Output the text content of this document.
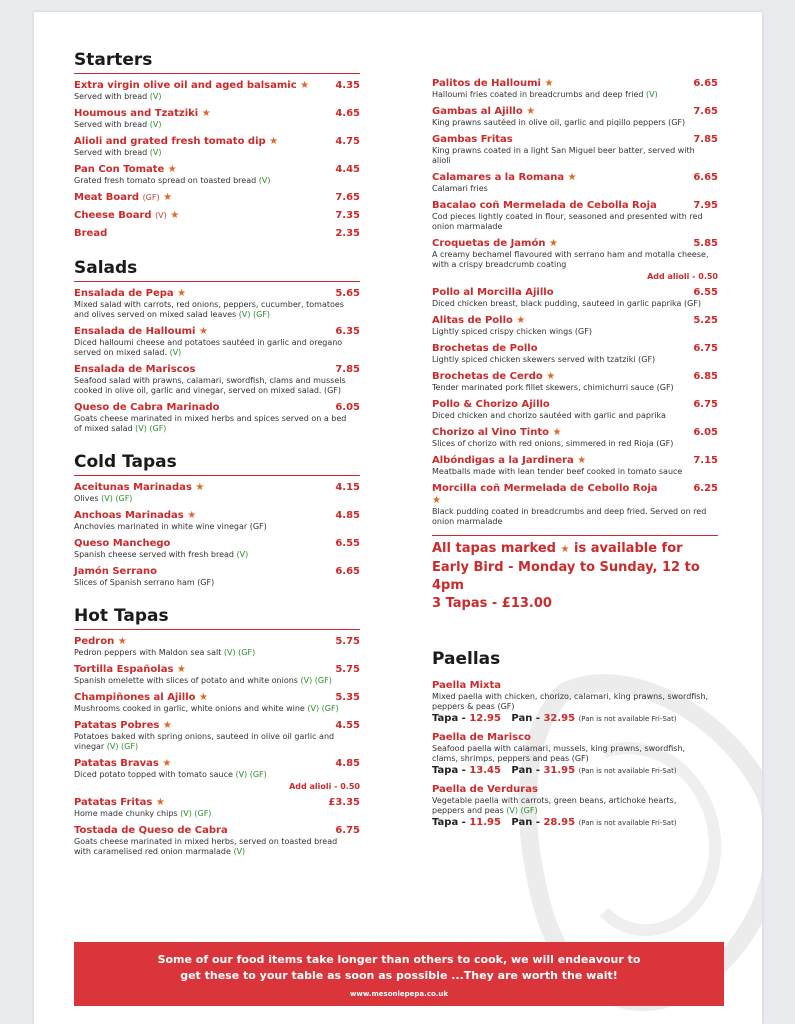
Starters
Extra virgin olive oil and aged balsamic ★	4.35
Served with bread (V)
Houmous and Tzatziki ★	4.65
Served with bread (V)
Alioli and grated fresh tomato dip ★	4.75
Served with bread (V)
Pan Con Tomate ★	4.45
Grated fresh tomato spread on toasted bread (V)
Meat Board (GF) ★	7.65
Cheese Board (V) ★	7.35
Bread	2.35
Salads
Ensalada de Pepa ★	5.65
Mixed salad with carrots, red onions, peppers, cucumber, tomatoes and olives served on mixed salad leaves (V) (GF)
Ensalada de Halloumi ★	6.35
Diced halloumi cheese and potatoes sautéed in garlic and oregano served on mixed salad. (V)
Ensalada de Mariscos	7.85
Seafood salad with prawns, calamari, swordfish, clams and mussels cooked in olive oil, garlic and vinegar, served on mixed salad. (GF)
Queso de Cabra Marinado	6.05
Goats cheese marinated in mixed herbs and spices served on a bed of mixed salad (V) (GF)
Cold Tapas
Aceitunas Marinadas ★	4.15
Olives (V) (GF)
Anchoas Marinadas ★	4.85
Anchovies marinated in white wine vinegar (GF)
Queso Manchego	6.55
Spanish cheese served with fresh bread (V)
Jamón Serrano	6.65
Slices of Spanish serrano ham (GF)
Hot Tapas
Pedron ★	5.75
Pedron peppers with Maldon sea salt (V) (GF)
Tortilla Españolas ★	5.75
Spanish omelette with slices of potato and white onions (V) (GF)
Champiñones al Ajillo ★	5.35
Mushrooms cooked in garlic, white onions and white wine (V) (GF)
Patatas Pobres ★	4.55
Potatoes baked with spring onions, sauteed in olive oil garlic and vinegar (V) (GF)
Patatas Bravas ★	4.85
Diced potato topped with tomato sauce (V) (GF)
Add alioli - 0.50
Patatas Fritas ★	£3.35
Home made chunky chips (V) (GF)
Tostada de Queso de Cabra	6.75
Goats cheese marinated in mixed herbs, served on toasted bread with caramelised red onion marmalade (V)
Palitos de Halloumi ★	6.65
Halloumi fries coated in breadcrumbs and deep fried (V)
Gambas al Ajillo ★	7.65
King prawns sautéed in olive oil, garlic and piqillo peppers (GF)
Gambas Fritas	7.85
King prawns coated in a light San Miguel beer batter, served with alioli
Calamares a la Romana ★	6.65
Calamari fries
Bacalao coñ Mermelada de Cebolla Roja	7.95
Cod pieces lightly coated in flour, seasoned and presented with red onion marmalade
Croquetas de Jamón ★	5.85
A creamy bechamel flavoured with serrano ham and motalla cheese, with a crispy breadcrumb coating
Add alioli - 0.50
Pollo al Morcilla Ajillo	6.55
Diced chicken breast, black pudding, sauteed in garlic paprika (GF)
Alitas de Pollo ★	5.25
Lightly spiced crispy chicken wings (GF)
Brochetas de Pollo	6.75
Lightly spiced chicken skewers served with tzatziki (GF)
Brochetas de Cerdo ★	6.85
Tender marinated pork fillet skewers, chimichurri sauce (GF)
Pollo & Chorizo Ajillo	6.75
Diced chicken and chorizo sautéed with garlic and paprika
Chorizo al Vino Tinto ★	6.05
Slices of chorizo with red onions, simmered in red Rioja (GF)
Albóndigas a la Jardinera ★	7.15
Meatballs made with lean tender beef cooked in tomato sauce
Morcilla coñ Mermelada de Cebollo Roja ★
6.25
Black pudding coated in breadcrumbs and deep fried. Served on red onion marmalade
All tapas marked ★ is available for
Early Bird - Monday to Sunday, 12 to 4pm
3 Tapas - £13.00
Paellas
Paella Mixta
Mixed paella with chicken, chorizo, calamari, king prawns, swordfish, peppers & peas (GF)
Tapa - 12.95 Pan - 32.95 (Pan is not available Fri-Sat)
Paella de Marisco
Seafood paella with calamari, mussels, king prawns, swordfish, clams, shrimps, peppers and peas (GF)
Tapa - 13.45 Pan - 31.95 (Pan is not available Fri-Sat)
Paella de Verduras
Vegetable paella with carrots, green beans, artichoke hearts, peppers and peas (V) (GF)
Tapa - 11.95 Pan - 28.95 (Pan is not available Fri-Sat)
Some of our food items take longer than others to cook, we will endeavour to
get these to your table as soon as possible ...They are worth the wait!
www.mesonlepepa.co.uk
